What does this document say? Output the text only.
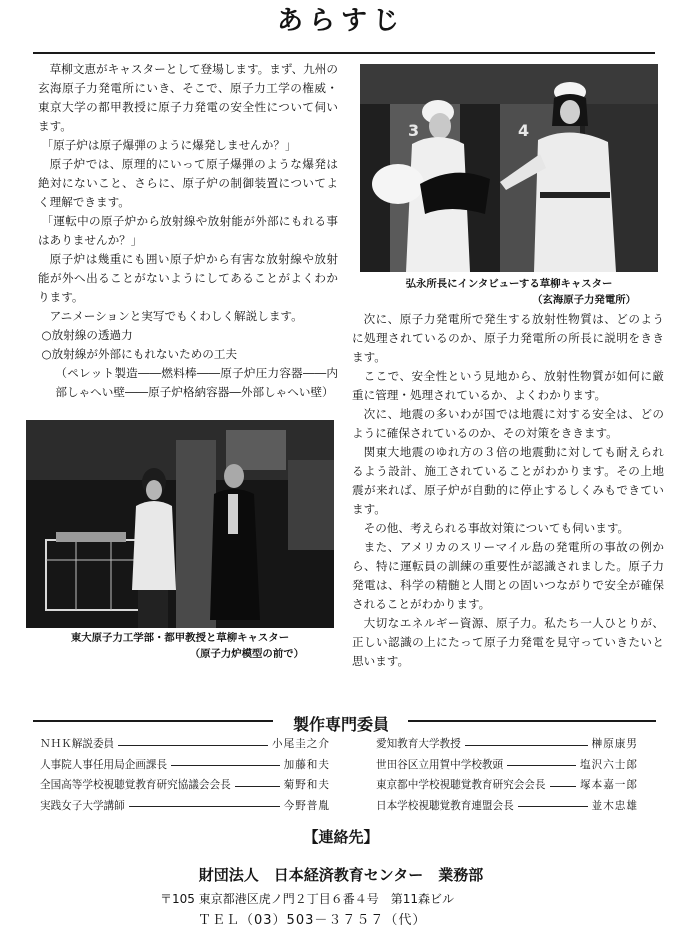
あらすじ

草柳文恵がキャスターとして登場します。まず、九州の玄海原子力発電所にいき、そこで、原子力工学の権威・東京大学の都甲教授に原子力発電の安全性について伺います。

「原子炉は原子爆弾のように爆発しませんか？」

原子炉では、原理的にいって原子爆弾のような爆発は絶対にないこと、さらに、原子炉の制御装置についてよく理解できます。

「運転中の原子炉から放射線や放射能が外部にもれる事はありませんか？」

原子炉は幾重にも囲い原子炉から有害な放射線や放射能が外へ出ることがないようにしてあることがよくわかります。

アニメーションと実写でもくわしく解説します。

○放射線の透過力

○放射線が外部にもれないための工夫

（ペレット製造――燃料棒――原子炉圧力容器――内部しゃへい壁――原子炉格納容器―外部しゃへい壁）

3	4
弘永所長にインタビューする草柳キャスター
（玄海原子力発電所）

次に、原子力発電所で発生する放射性物質は、どのように処理されているのか、原子力発電所の所長に説明をききます。

ここで、安全性という見地から、放射性物質が如何に厳重に管理・処理されているか、よくわかります。

次に、地震の多いわが国では地震に対する安全は、どのように確保されているのか、その対策をききます。

関東大地震のゆれ方の３倍の地震動に対しても耐えられるよう設計、施工されていることがわかります。その上地震が来れば、原子炉が自動的に停止するしくみもできています。

その他、考えられる事故対策についても伺います。

また、アメリカのスリーマイル島の発電所の事故の例から、特に運転員の訓練の重要性が認識されました。原子力発電は、科学の精髄と人間との固いつながりで安全が確保されることがわかります。

大切なエネルギー資源、原子力。私たち一人ひとりが、正しい認識の上にたって原子力発電を見守っていきたいと思います。

東大原子力工学部・都甲教授と草柳キャスター
（原子力炉模型の前で）
製作専門委員
ＮＨＫ解説委員	小尾圭之介
人事院人事任用局企画課長	加藤和夫
全国高等学校視聴覚教育研究協議会会長	菊野和夫
実践女子大学講師	今野普胤
愛知教育大学教授	榊原康男
世田谷区立用賀中学校教頭	塩沢六士郎
東京都中学校視聴覚教育研究会会長	塚本嘉一郎
日本学校視聴覚教育連盟会長	並木忠雄
【連絡先】
財団法人　日本経済教育センター　業務部
〒105 東京都港区虎ノ門２丁目６番４号　第11森ビル
ＴＥＬ（03）503－３７５７（代）
